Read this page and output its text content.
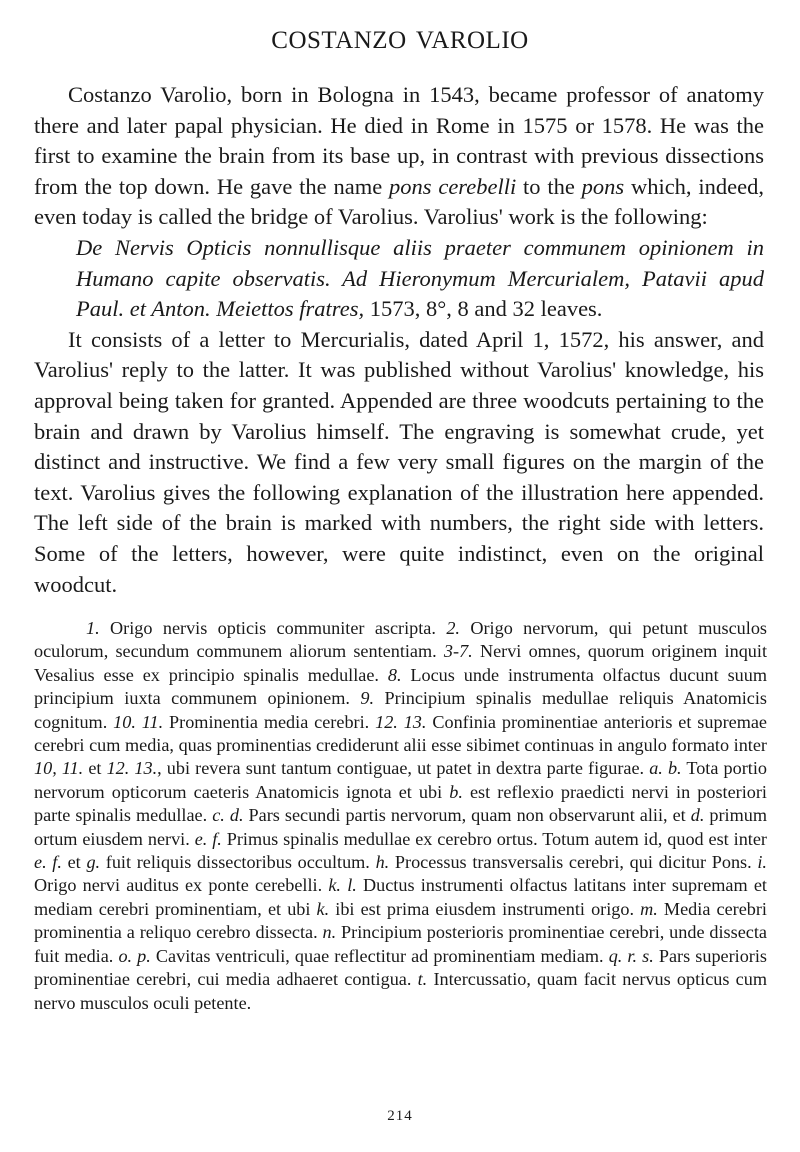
COSTANZO VAROLIO

Costanzo Varolio, born in Bologna in 1543, became professor of anatomy there and later papal physician. He died in Rome in 1575 or 1578. He was the first to examine the brain from its base up, in contrast with previous dissections from the top down. He gave the name pons cerebelli to the pons which, indeed, even today is called the bridge of Varolius. Varolius' work is the following:

De Nervis Opticis nonnullisque aliis praeter communem opinionem in Humano capite observatis. Ad Hieronymum Mercurialem, Patavii apud Paul. et Anton. Meiettos fratres, 1573, 8°, 8 and 32 leaves.

It consists of a letter to Mercurialis, dated April 1, 1572, his answer, and Varolius' reply to the latter. It was published without Varolius' knowledge, his approval being taken for granted. Appended are three woodcuts pertaining to the brain and drawn by Varolius himself. The engraving is somewhat crude, yet distinct and instructive. We find a few very small figures on the margin of the text. Varolius gives the following explanation of the illustration here appended. The left side of the brain is marked with numbers, the right side with letters. Some of the letters, however, were quite indistinct, even on the original woodcut.

1. Origo nervis opticis communiter ascripta. 2. Origo nervorum, qui petunt musculos oculorum, secundum communem aliorum sententiam. 3-7. Nervi omnes, quorum originem inquit Vesalius esse ex principio spinalis medullae. 8. Locus unde instrumenta olfactus ducunt suum principium iuxta communem opinionem. 9. Principium spinalis medullae reliquis Anatomicis cognitum. 10. 11. Prominentia media cerebri. 12. 13. Confinia prominentiae anterioris et supremae cerebri cum media, quas prominentias crediderunt alii esse sibimet continuas in angulo formato inter 10, 11. et 12. 13., ubi revera sunt tantum contiguae, ut patet in dextra parte figurae. a. b. Tota portio nervorum opticorum caeteris Anatomicis ignota et ubi b. est reflexio praedicti nervi in posteriori parte spinalis medullae. c. d. Pars secundi partis nervorum, quam non observarunt alii, et d. primum ortum eiusdem nervi. e. f. Primus spinalis medullae ex cerebro ortus. Totum autem id, quod est inter e. f. et g. fuit reliquis dissectoribus occultum. h. Processus transversalis cerebri, qui dicitur Pons. i. Origo nervi auditus ex ponte cerebelli. k. l. Ductus instrumenti olfactus latitans inter supremam et mediam cerebri prominentiam, et ubi k. ibi est prima eiusdem instrumenti origo. m. Media cerebri prominentia a reliquo cerebro dissecta. n. Principium posterioris prominentiae cerebri, unde dissecta fuit media. o. p. Cavitas ventriculi, quae reflectitur ad prominentiam mediam. q. r. s. Pars superioris prominentiae cerebri, cui media adhaeret contigua. t. Intercussatio, quam facit nervus opticus cum nervo musculos oculi petente.

214
